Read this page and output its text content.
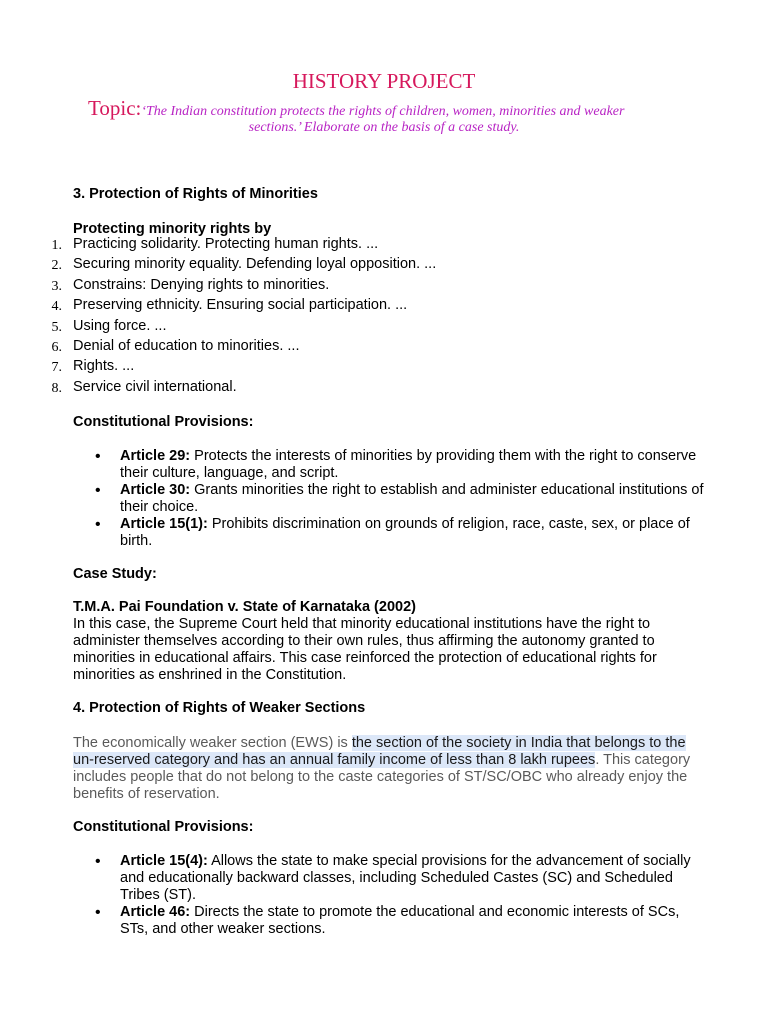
HISTORY PROJECT
Topic:‘The Indian constitution protects the rights of children, women, minorities and weaker
sections.’ Elaborate on the basis of a case study.
3. Protection of Rights of Minorities
Protecting minority rights by
1. Practicing solidarity. Protecting human rights. ...
2. Securing minority equality. Defending loyal opposition. ...
3. Constrains: Denying rights to minorities.
4. Preserving ethnicity. Ensuring social participation. ...
5. Using force. ...
6. Denial of education to minorities. ...
7. Rights. ...
8. Service civil international.
Constitutional Provisions:
• Article 29: Protects the interests of minorities by providing them with the right to conserve their culture, language, and script.
• Article 30: Grants minorities the right to establish and administer educational institutions of their choice.
• Article 15(1): Prohibits discrimination on grounds of religion, race, caste, sex, or place of birth.
Case Study:
T.M.A. Pai Foundation v. State of Karnataka (2002)
In this case, the Supreme Court held that minority educational institutions have the right to administer themselves according to their own rules, thus affirming the autonomy granted to minorities in educational affairs. This case reinforced the protection of educational rights for minorities as enshrined in the Constitution.
4. Protection of Rights of Weaker Sections
The economically weaker section (EWS) is the section of the society in India that belongs to the un-reserved category and has an annual family income of less than 8 lakh rupees. This category includes people that do not belong to the caste categories of ST/SC/OBC who already enjoy the benefits of reservation.
Constitutional Provisions:
• Article 15(4): Allows the state to make special provisions for the advancement of socially and educationally backward classes, including Scheduled Castes (SC) and Scheduled Tribes (ST).
• Article 46: Directs the state to promote the educational and economic interests of SCs, STs, and other weaker sections.
